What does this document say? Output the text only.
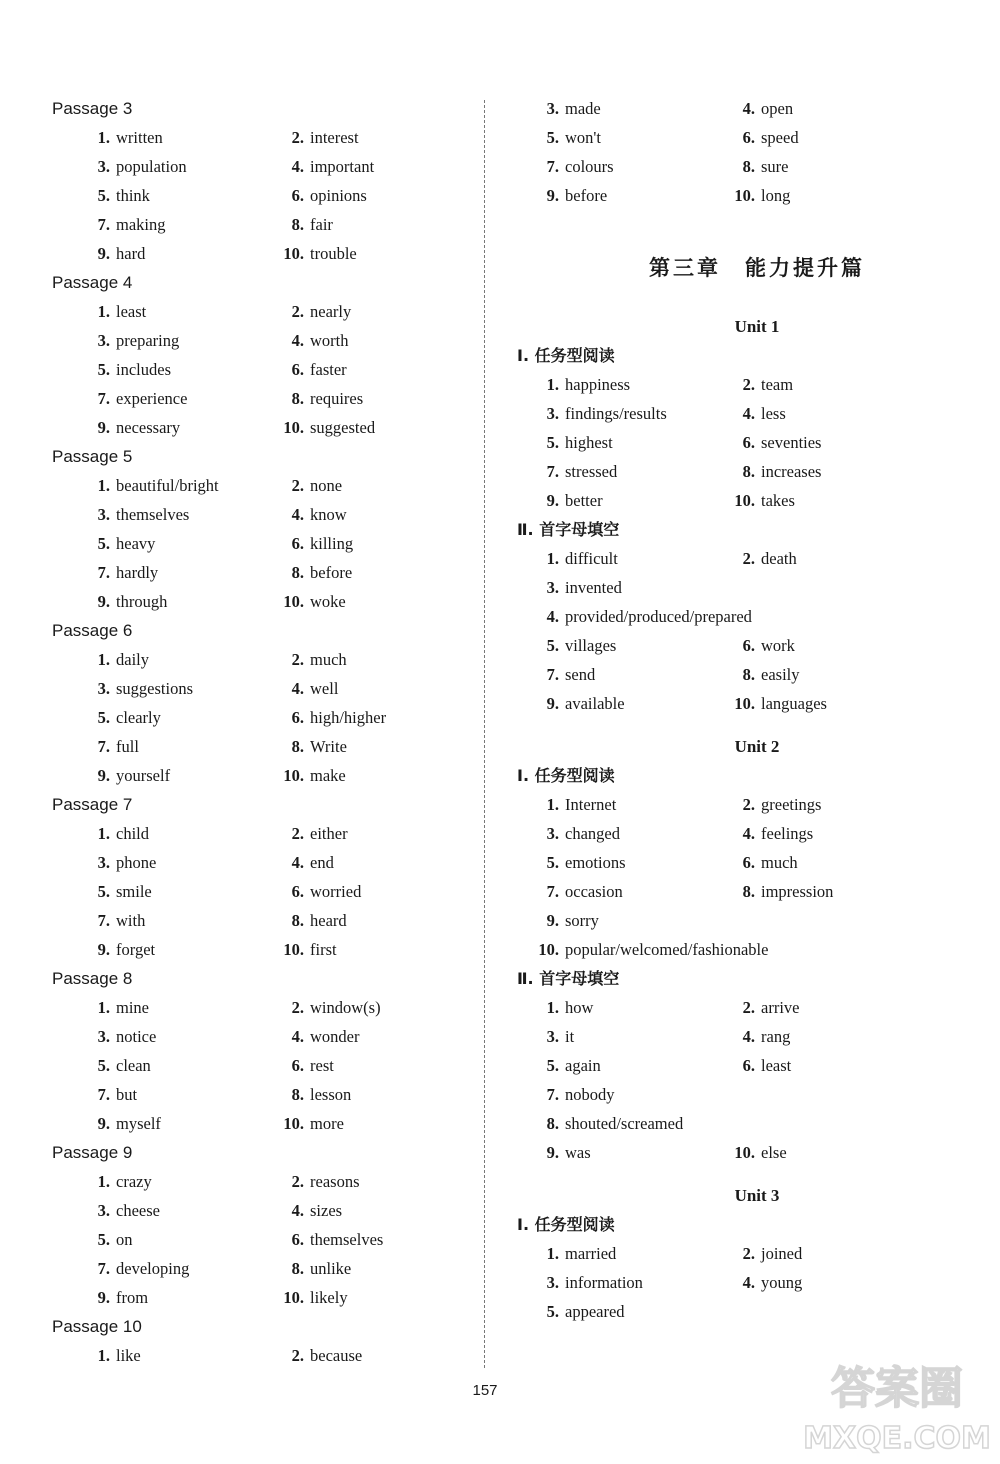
Passage 3
1. written	2. interest
3. population	4. important
5. think	6. opinions
7. making	8. fair
9. hard	10. trouble
Passage 4
1. least	2. nearly
3. preparing	4. worth
5. includes	6. faster
7. experience	8. requires
9. necessary	10. suggested
Passage 5
1. beautiful/bright	2. none
3. themselves	4. know
5. heavy	6. killing
7. hardly	8. before
9. through	10. woke
Passage 6
1. daily	2. much
3. suggestions	4. well
5. clearly	6. high/higher
7. full	8. Write
9. yourself	10. make
Passage 7
1. child	2. either
3. phone	4. end
5. smile	6. worried
7. with	8. heard
9. forget	10. first
Passage 8
1. mine	2. window(s)
3. notice	4. wonder
5. clean	6. rest
7. but	8. lesson
9. myself	10. more
Passage 9
1. crazy	2. reasons
3. cheese	4. sizes
5. on	6. themselves
7. developing	8. unlike
9. from	10. likely
Passage 10
1. like	2. because
3. made	4. open
5. won't	6. speed
7. colours	8. sure
9. before	10. long
第三章 能力提升篇
Unit 1
Ⅰ. 任务型阅读
1. happiness	2. team
3. findings/results	4. less
5. highest	6. seventies
7. stressed	8. increases
9. better	10. takes
Ⅱ. 首字母填空
1. difficult	2. death
3. invented
4. provided/produced/prepared
5. villages	6. work
7. send	8. easily
9. available	10. languages
Unit 2
Ⅰ. 任务型阅读
1. Internet	2. greetings
3. changed	4. feelings
5. emotions	6. much
7. occasion	8. impression
9. sorry
10. popular/welcomed/fashionable
Ⅱ. 首字母填空
1. how	2. arrive
3. it	4. rang
5. again	6. least
7. nobody
8. shouted/screamed
9. was	10. else
Unit 3
Ⅰ. 任务型阅读
1. married	2. joined
3. information	4. young
5. appeared
157	答案圈
MXQE.COM
